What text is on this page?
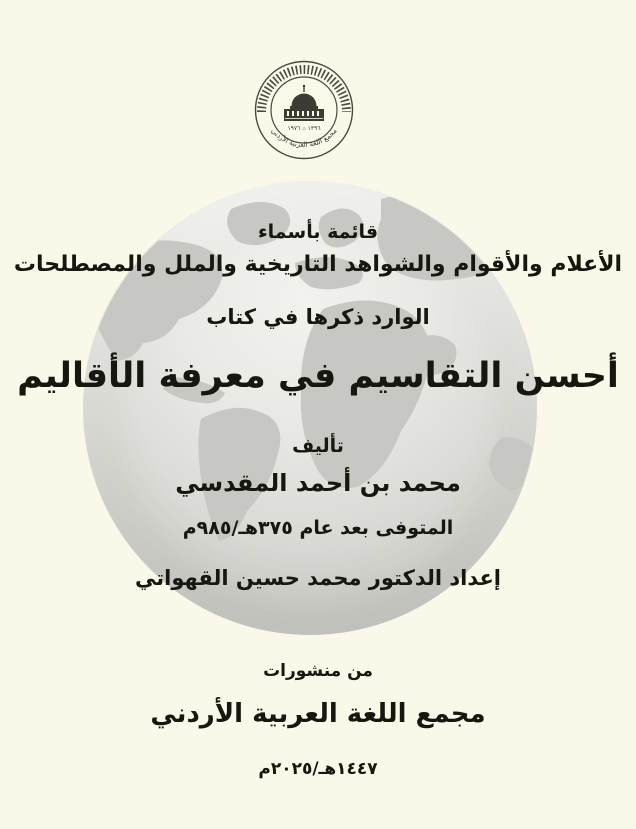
١٣٩٦ ۞ ١٩٧٦
مجمع اللغة العربية الأردني
قائمة بأسماء
الأعلام والأقوام والشواهد التاريخية والملل والمصطلحات
الوارد ذكرها في كتاب
أحسن التقاسيم في معرفة الأقاليم
تأليف
محمد بن أحمد المقدسي
المتوفى بعد عام ٣٧٥هـ/٩٨٥م
إعداد الدكتور محمد حسين القهواتي
من منشورات
مجمع اللغة العربية الأردني
١٤٤٧هـ/٢٠٢٥م
